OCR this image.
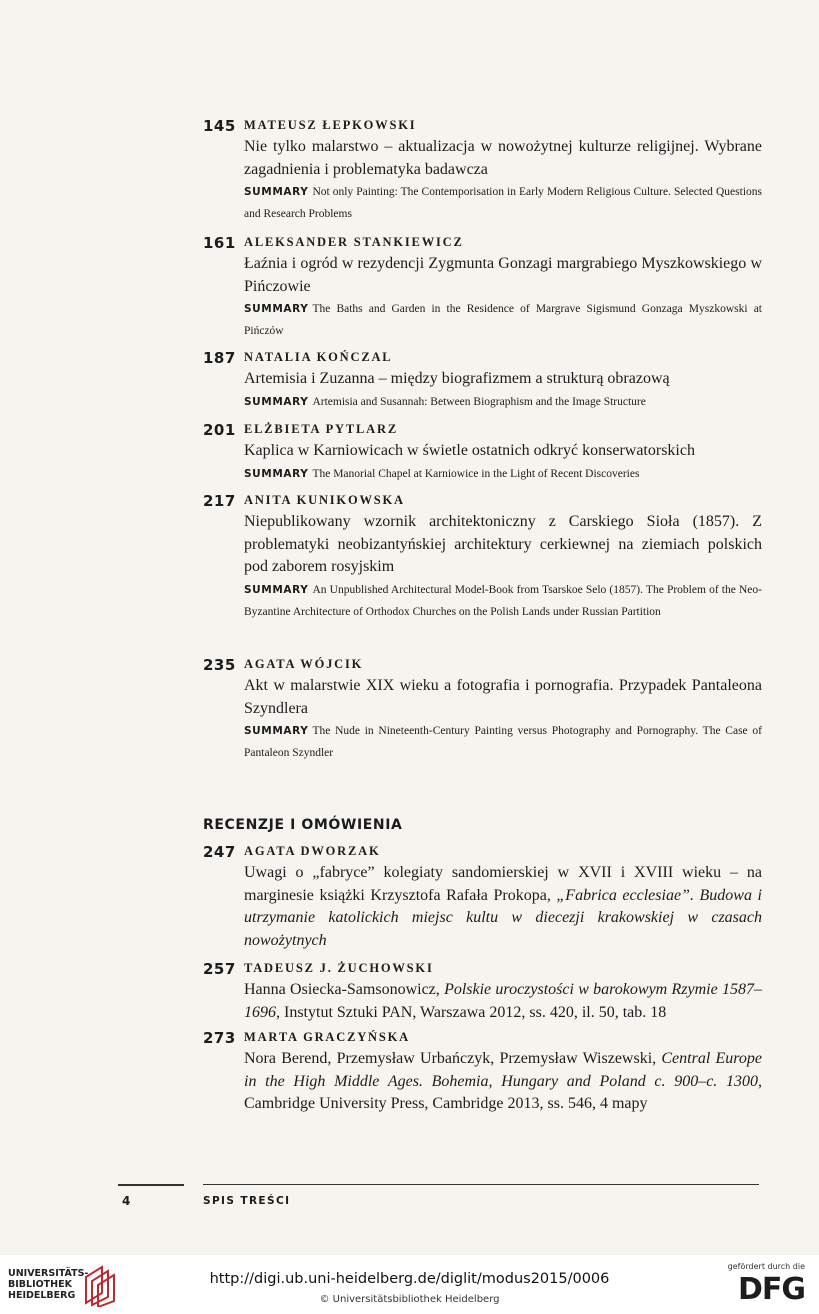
145 MATEUSZ ŁEPKOWSKI

Nie tylko malarstwo – aktualizacja w nowożytnej kulturze religijnej. Wybrane zagadnienia i problematyka badawcza

SUMMARY Not only Painting: The Contemporisation in Early Modern Religious Culture. Selected Questions and Research Problems

161 ALEKSANDER STANKIEWICZ

Łaźnia i ogród w rezydencji Zygmunta Gonzagi margrabiego Myszkowskiego w Pińczowie

SUMMARY The Baths and Garden in the Residence of Margrave Sigismund Gonzaga Myszkowski at Pińczów

187 NATALIA KOŃCZAL

Artemisia i Zuzanna – między biografizmem a strukturą obrazową

SUMMARY Artemisia and Susannah: Between Biographism and the Image Structure

201 ELŻBIETA PYTLARZ

Kaplica w Karniowicach w świetle ostatnich odkryć konserwatorskich

SUMMARY The Manorial Chapel at Karniowice in the Light of Recent Discoveries

217 ANITA KUNIKOWSKA

Niepublikowany wzornik architektoniczny z Carskiego Sioła (1857). Z problematyki neobizantyńskiej architektury cerkiewnej na ziemiach polskich pod zaborem rosyjskim

SUMMARY An Unpublished Architectural Model-Book from Tsarskoe Selo (1857). The Problem of the Neo-Byzantine Architecture of Orthodox Churches on the Polish Lands under Russian Partition

235 AGATA WÓJCIK

Akt w malarstwie XIX wieku a fotografia i pornografia. Przypadek Pantaleona Szyndlera

SUMMARY The Nude in Nineteenth-Century Painting versus Photography and Pornography. The Case of Pantaleon Szyndler

RECENZJE I OMÓWIENIA
247 AGATA DWORZAK

Uwagi o „fabryce” kolegiaty sandomierskiej w XVII i XVIII wieku – na marginesie książki Krzysztofa Rafała Prokopa, „Fabrica ecclesiae”. Budowa i utrzymanie katolickich miejsc kultu w diecezji krakowskiej w czasach nowożytnych

257 TADEUSZ J. ŻUCHOWSKI

Hanna Osiecka-Samsonowicz, Polskie uroczystości w barokowym Rzymie 1587–1696, Instytut Sztuki PAN, Warszawa 2012, ss. 420, il. 50, tab. 18

273 MARTA GRACZYŃSKA

Nora Berend, Przemysław Urbańczyk, Przemysław Wiszewski, Central Europe in the High Middle Ages. Bohemia, Hungary and Poland c. 900–c. 1300, Cambridge University Press, Cambridge 2013, ss. 546, 4 mapy

4	SPIS TREŚCI
UNIVERSITÄTS-
BIBLIOTHEK
HEIDELBERG
http://digi.ub.uni-heidelberg.de/diglit/modus2015/0006
© Universitätsbibliothek Heidelberg
gefördert durch die
DFG
